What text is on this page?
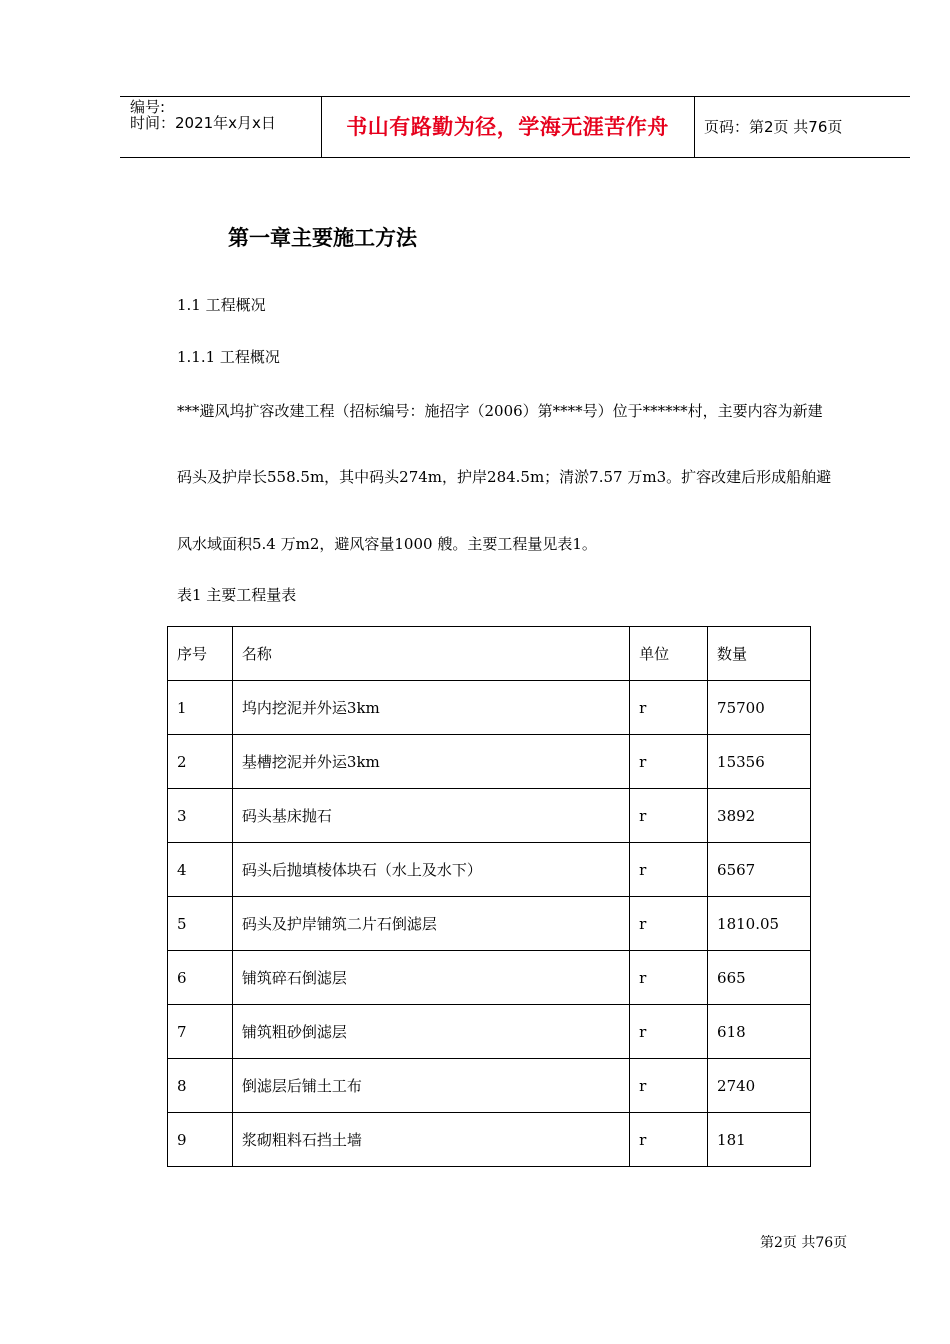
编号:
时间：2021年x月x日	书山有路勤为径，学海无涯苦作舟	页码：第2页 共76页
第一章主要施工方法
1.1 工程概况
1.1.1 工程概况
***避风坞扩容改建工程（招标编号：施招字（2006）第****号）位于******村，主要内容为新建
码头及护岸长558.5m，其中码头274m，护岸284.5m；清淤7.57 万m3。扩容改建后形成船舶避
风水域面积5.4 万m2，避风容量1000 艘。主要工程量见表1。
表1 主要工程量表
序号	名称	单位	数量
1	坞内挖泥并外运3km	r	75700
2	基槽挖泥并外运3km	r	15356
3	码头基床抛石	r	3892
4	码头后抛填棱体块石（水上及水下）	r	6567
5	码头及护岸铺筑二片石倒滤层	r	1810.05
6	铺筑碎石倒滤层	r	665
7	铺筑粗砂倒滤层	r	618
8	倒滤层后铺土工布	r	2740
9	浆砌粗料石挡土墙	r	181
第2页 共76页
